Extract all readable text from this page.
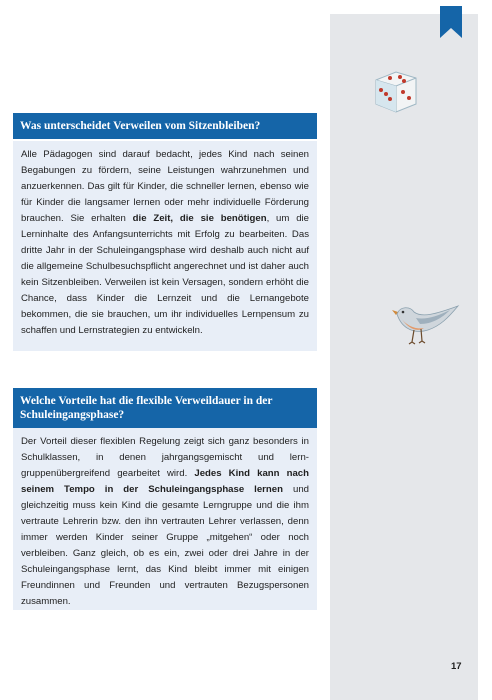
Was unterscheidet Verweilen vom Sitzenbleiben?
Alle Pädagogen sind darauf bedacht, jedes Kind nach seinen Begabungen zu fördern, seine Leistungen wahrzunehmen und anzuerkennen. Das gilt für Kinder, die schneller lernen, ebenso wie für Kinder die langsamer lernen oder mehr individuelle Förderung brauchen. Sie erhalten die Zeit, die sie benötigen, um die Lerninhalte des Anfangsunterrichts mit Erfolg zu bearbeiten. Das dritte Jahr in der Schuleingangsphase wird deshalb auch nicht auf die allgemeine Schulbesuchspflicht angerechnet und ist daher auch kein Sitzenbleiben. Verweilen ist kein Versagen, sondern erhöht die Chance, dass Kinder die Lernzeit und die Lernangebote bekommen, die sie brauchen, um ihr individuelles Lernpensum zu schaffen und Lernstrategien zu entwickeln.
Welche Vorteile hat die flexible Verweildauer in der Schuleingangsphase?
Der Vorteil dieser flexiblen Regelung zeigt sich ganz besonders in Schulklassen, in denen jahrgangsgemischt und lerngruppenübergreifend gearbeitet wird. Jedes Kind kann nach seinem Tempo in der Schuleingangsphase lernen und gleichzeitig muss kein Kind die gesamte Lerngruppe und die ihm vertraute Lehrerin bzw. den ihn vertrauten Lehrer verlassen, denn immer werden Kinder seiner Gruppe „mitgehen“ oder noch verbleiben. Ganz gleich, ob es ein, zwei oder drei Jahre in der Schuleingangsphase lernt, das Kind bleibt immer mit einigen Freundinnen und Freunden und vertrauten Bezugspersonen zusammen.
17
